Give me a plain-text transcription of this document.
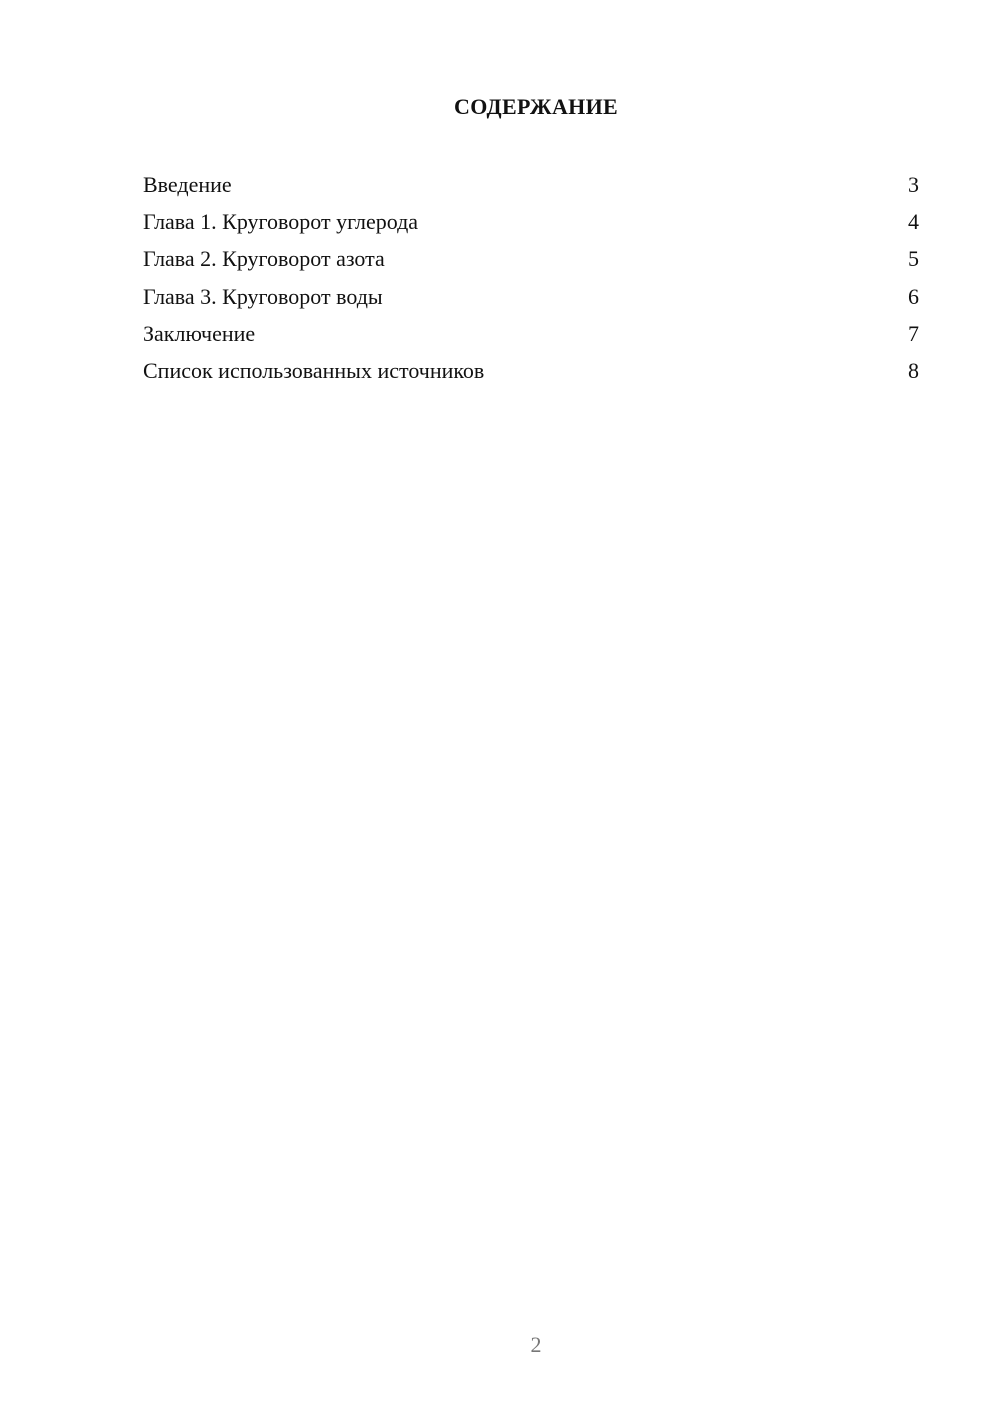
СОДЕРЖАНИЕ
Введение	3
Глава 1. Круговорот углерода	4
Глава 2. Круговорот азота	5
Глава 3. Круговорот воды	6
Заключение	7
Список использованных источников	8
2
